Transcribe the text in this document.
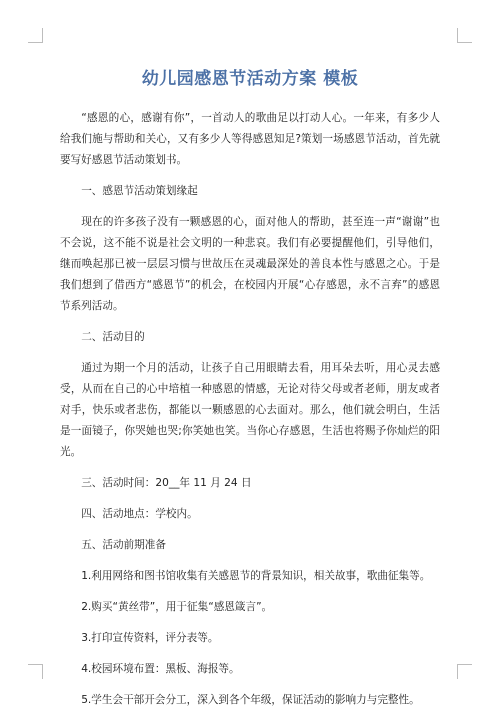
幼儿园感恩节活动方案 模板

“感恩的心，感谢有你”，一首动人的歌曲足以打动人心。一年来，有多少人给我们施与帮助和关心，又有多少人等得感恩知足?策划一场感恩节活动，首先就要写好感恩节活动策划书。

一、感恩节活动策划缘起

现在的许多孩子没有一颗感恩的心，面对他人的帮助，甚至连一声“谢谢”也不会说，这不能不说是社会文明的一种悲哀。我们有必要提醒他们，引导他们，继而唤起那已被一层层习惯与世故压在灵魂最深处的善良本性与感恩之心。于是我们想到了借西方“感恩节”的机会，在校园内开展“心存感恩，永不言弃”的感恩节系列活动。

二、活动目的

通过为期一个月的活动，让孩子自己用眼睛去看，用耳朵去听，用心灵去感受，从而在自己的心中培植一种感恩的情感，无论对待父母或者老师，朋友或者对手，快乐或者悲伤，都能以一颗感恩的心去面对。那么，他们就会明白，生活是一面镜子，你哭她也哭;你笑她也笑。当你心存感恩，生活也将赐予你灿烂的阳光。

三、活动时间：20__年 11 月 24 日

四、活动地点：学校内。

五、活动前期准备

1.利用网络和图书馆收集有关感恩节的背景知识，相关故事，歌曲征集等。

2.购买“黄丝带”，用于征集“感恩箴言”。

3.打印宣传资料，评分表等。

4.校园环境布置：黑板、海报等。

5.学生会干部开会分工，深入到各个年级，保证活动的影响力与完整性。
